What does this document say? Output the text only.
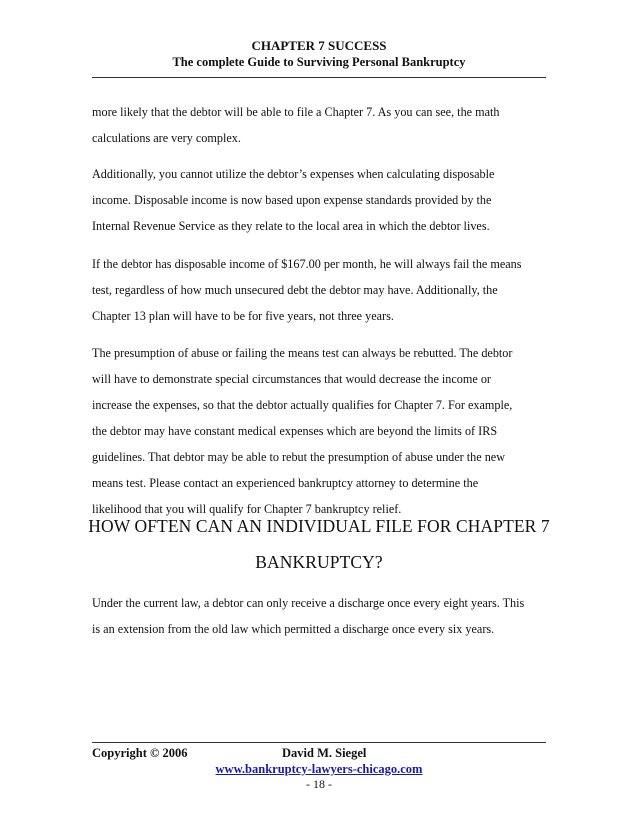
CHAPTER 7 SUCCESS
The complete Guide to Surviving Personal Bankruptcy

more likely that the debtor will be able to file a Chapter 7. As you can see, the math

calculations are very complex.

Additionally, you cannot utilize the debtor’s expenses when calculating disposable

income. Disposable income is now based upon expense standards provided by the

Internal Revenue Service as they relate to the local area in which the debtor lives.

If the debtor has disposable income of $167.00 per month, he will always fail the means

test, regardless of how much unsecured debt the debtor may have. Additionally, the

Chapter 13 plan will have to be for five years, not three years.

The presumption of abuse or failing the means test can always be rebutted. The debtor

will have to demonstrate special circumstances that would decrease the income or

increase the expenses, so that the debtor actually qualifies for Chapter 7. For example,

the debtor may have constant medical expenses which are beyond the limits of IRS

guidelines. That debtor may be able to rebut the presumption of abuse under the new

means test. Please contact an experienced bankruptcy attorney to determine the

likelihood that you will qualify for Chapter 7 bankruptcy relief.

HOW OFTEN CAN AN INDIVIDUAL FILE FOR CHAPTER 7
BANKRUPTCY?

Under the current law, a debtor can only receive a discharge once every eight years. This

is an extension from the old law which permitted a discharge once every six years.

Copyright © 2006	David M. Siegel
www.bankruptcy-lawyers-chicago.com
- 18 -
